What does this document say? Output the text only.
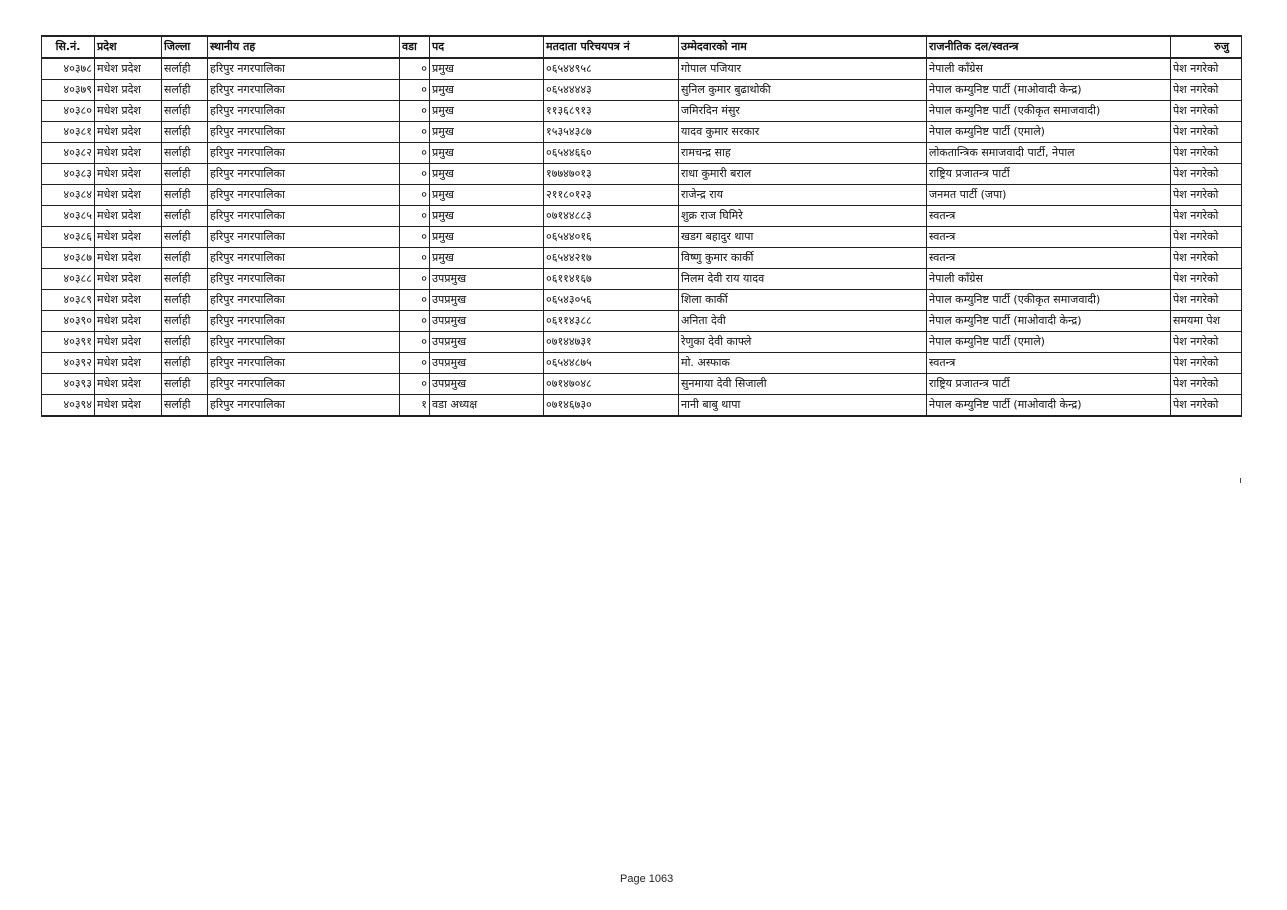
सि.नं.	प्रदेश	जिल्ला	स्थानीय तह	वडा	पद	मतदाता परिचयपत्र नं	उम्मेदवारको नाम	राजनीतिक दल/स्वतन्त्र	रुजु
४०३७८	मधेश प्रदेश	सर्लाही	हरिपुर नगरपालिका	०	प्रमुख	०६५४४९५८	गोपाल पजियार	नेपाली काँग्रेस	पेश नगरेको
४०३७९	मधेश प्रदेश	सर्लाही	हरिपुर नगरपालिका	०	प्रमुख	०६५४४४४३	सुनिल कुमार बुढाथोकी	नेपाल कम्युनिष्ट पार्टी (माओवादी केन्द्र)	पेश नगरेको
४०३८०	मधेश प्रदेश	सर्लाही	हरिपुर नगरपालिका	०	प्रमुख	११३६८९१३	जमिरदिन मंसुर	नेपाल कम्युनिष्ट पार्टी (एकीकृत समाजवादी)	पेश नगरेको
४०३८१	मधेश प्रदेश	सर्लाही	हरिपुर नगरपालिका	०	प्रमुख	१५३५४३८७	यादव कुमार सरकार	नेपाल कम्युनिष्ट पार्टी (एमाले)	पेश नगरेको
४०३८२	मधेश प्रदेश	सर्लाही	हरिपुर नगरपालिका	०	प्रमुख	०६५४४६६०	रामचन्द्र साह	लोकतान्त्रिक समाजवादी पार्टी, नेपाल	पेश नगरेको
४०३८३	मधेश प्रदेश	सर्लाही	हरिपुर नगरपालिका	०	प्रमुख	१७७४७०१३	राधा कुमारी बराल	राष्ट्रिय प्रजातन्त्र पार्टी	पेश नगरेको
४०३८४	मधेश प्रदेश	सर्लाही	हरिपुर नगरपालिका	०	प्रमुख	२११८०१२३	राजेन्द्र राय	जनमत पार्टी (जपा)	पेश नगरेको
४०३८५	मधेश प्रदेश	सर्लाही	हरिपुर नगरपालिका	०	प्रमुख	०७१४४८८३	शुक्र राज घिमिरे	स्वतन्त्र	पेश नगरेको
४०३८६	मधेश प्रदेश	सर्लाही	हरिपुर नगरपालिका	०	प्रमुख	०६५४४०१६	खडग बहादुर थापा	स्वतन्त्र	पेश नगरेको
४०३८७	मधेश प्रदेश	सर्लाही	हरिपुर नगरपालिका	०	प्रमुख	०६५४४२१७	विष्णु कुमार कार्की	स्वतन्त्र	पेश नगरेको
४०३८८	मधेश प्रदेश	सर्लाही	हरिपुर नगरपालिका	०	उपप्रमुख	०६११४१६७	निलम देवी राय यादव	नेपाली काँग्रेस	पेश नगरेको
४०३८९	मधेश प्रदेश	सर्लाही	हरिपुर नगरपालिका	०	उपप्रमुख	०६५४३०५६	शिला कार्की	नेपाल कम्युनिष्ट पार्टी (एकीकृत समाजवादी)	पेश नगरेको
४०३९०	मधेश प्रदेश	सर्लाही	हरिपुर नगरपालिका	०	उपप्रमुख	०६११४३८८	अनिता देवी	नेपाल कम्युनिष्ट पार्टी (माओवादी केन्द्र)	समयमा पेश
४०३९१	मधेश प्रदेश	सर्लाही	हरिपुर नगरपालिका	०	उपप्रमुख	०७१४४७३१	रेणुका देवी काफ्ले	नेपाल कम्युनिष्ट पार्टी (एमाले)	पेश नगरेको
४०३९२	मधेश प्रदेश	सर्लाही	हरिपुर नगरपालिका	०	उपप्रमुख	०६५४४८७५	मो. अस्फाक	स्वतन्त्र	पेश नगरेको
४०३९३	मधेश प्रदेश	सर्लाही	हरिपुर नगरपालिका	०	उपप्रमुख	०७१४७०४८	सुनमाया देवी सिजाली	राष्ट्रिय प्रजातन्त्र पार्टी	पेश नगरेको
४०३९४	मधेश प्रदेश	सर्लाही	हरिपुर नगरपालिका	१	वडा अध्यक्ष	०७१४६७३०	नानी बाबु थापा	नेपाल कम्युनिष्ट पार्टी (माओवादी केन्द्र)	पेश नगरेको
Page 1063
